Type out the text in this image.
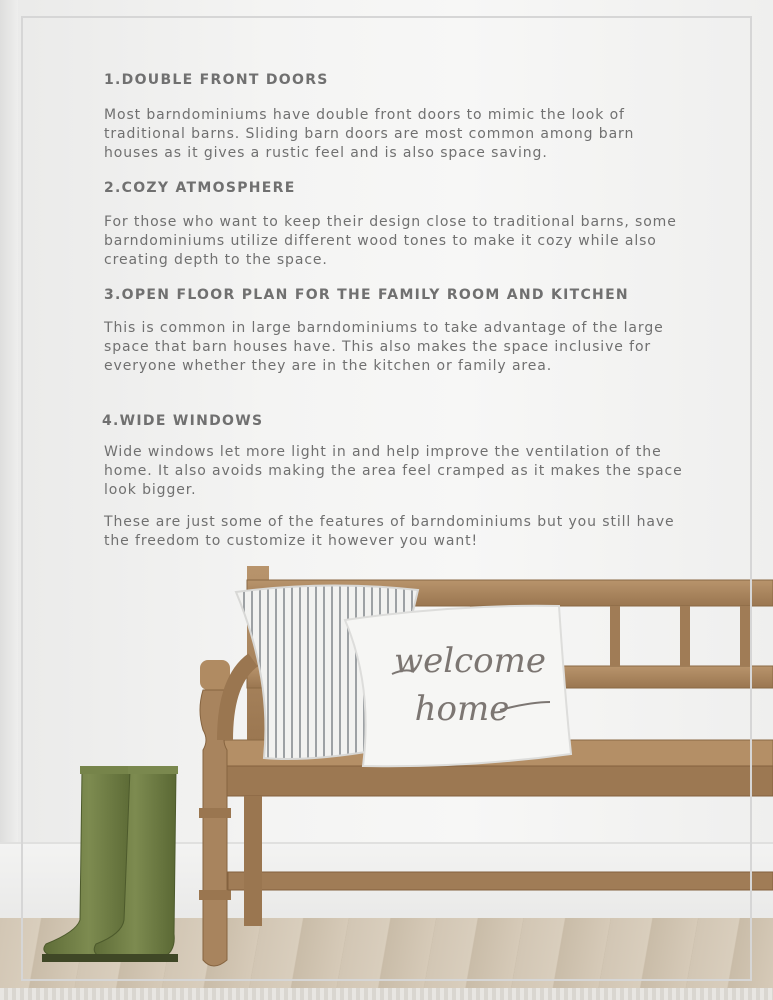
welcome
home
1.DOUBLE FRONT DOORS

Most barndominiums have double front doors to mimic the look of traditional barns. Sliding barn doors are most common among barn houses as it gives a rustic feel and is also space saving.

2.COZY ATMOSPHERE

For those who want to keep their design close to traditional barns, some barndominiums utilize different wood tones to make it cozy while also creating depth to the space.

3.OPEN FLOOR PLAN FOR THE FAMILY ROOM AND KITCHEN

This is common in large barndominiums to take advantage of the large space that barn houses have. This also makes the space inclusive for everyone whether they are in the kitchen or family area.

4.WIDE WINDOWS

Wide windows let more light in and help improve the ventilation of the home. It also avoids making the area feel cramped as it makes the space look bigger.

These are just some of the features of barndominiums but you still have the freedom to customize it however you want!
